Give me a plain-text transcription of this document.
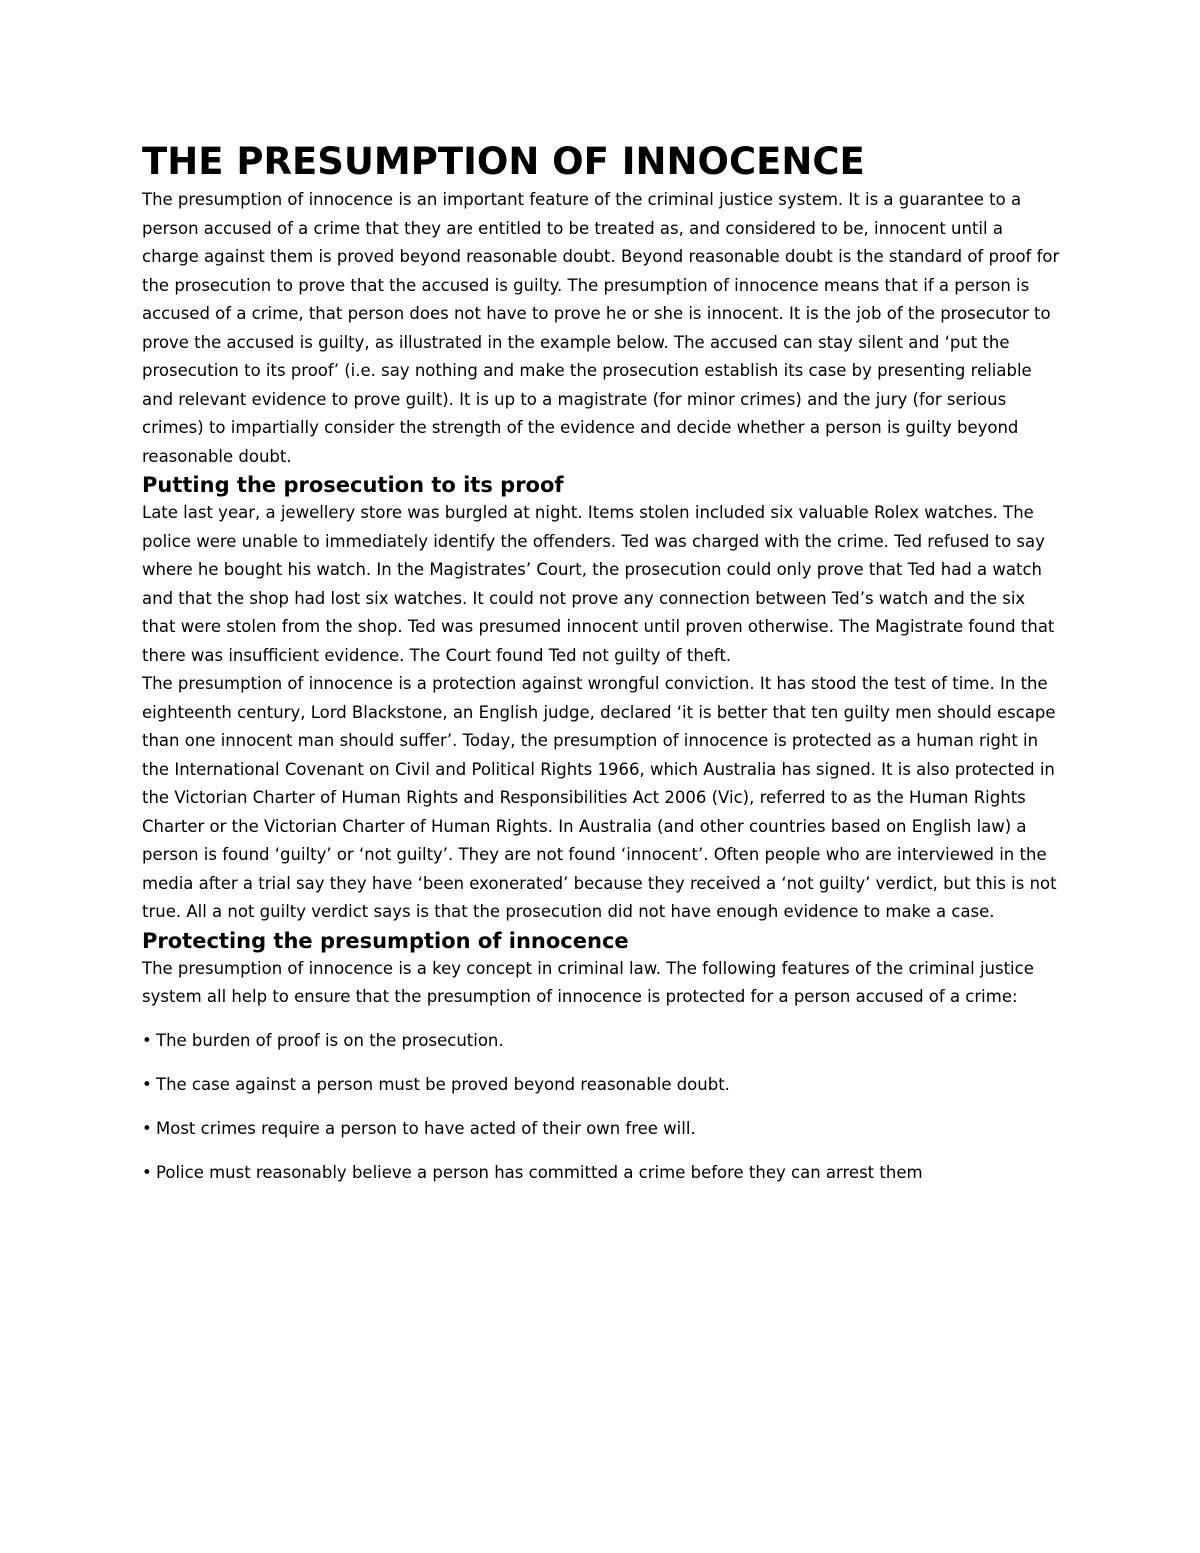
THE PRESUMPTION OF INNOCENCE

The presumption of innocence is an important feature of the criminal justice system. It is a guarantee to a person accused of a crime that they are entitled to be treated as, and considered to be, innocent until a charge against them is proved beyond reasonable doubt. Beyond reasonable doubt is the standard of proof for the prosecution to prove that the accused is guilty. The presumption of innocence means that if a person is accused of a crime, that person does not have to prove he or she is innocent. It is the job of the prosecutor to prove the accused is guilty, as illustrated in the example below. The accused can stay silent and ‘put the prosecution to its proof’ (i.e. say nothing and make the prosecution establish its case by presenting reliable and relevant evidence to prove guilt). It is up to a magistrate (for minor crimes) and the jury (for serious crimes) to impartially consider the strength of the evidence and decide whether a person is guilty beyond reasonable doubt.

Putting the prosecution to its proof

Late last year, a jewellery store was burgled at night. Items stolen included six valuable Rolex watches. The police were unable to immediately identify the offenders. Ted was charged with the crime. Ted refused to say where he bought his watch. In the Magistrates’ Court, the prosecution could only prove that Ted had a watch and that the shop had lost six watches. It could not prove any connection between Ted’s watch and the six that were stolen from the shop. Ted was presumed innocent until proven otherwise. The Magistrate found that there was insufficient evidence. The Court found Ted not guilty of theft.

The presumption of innocence is a protection against wrongful conviction. It has stood the test of time. In the eighteenth century, Lord Blackstone, an English judge, declared ‘it is better that ten guilty men should escape than one innocent man should suffer’. Today, the presumption of innocence is protected as a human right in the International Covenant on Civil and Political Rights 1966, which Australia has signed. It is also protected in the Victorian Charter of Human Rights and Responsibilities Act 2006 (Vic), referred to as the Human Rights Charter or the Victorian Charter of Human Rights. In Australia (and other countries based on English law) a person is found ‘guilty’ or ‘not guilty’. They are not found ‘innocent’. Often people who are interviewed in the media after a trial say they have ‘been exonerated’ because they received a ‘not guilty’ verdict, but this is not true. All a not guilty verdict says is that the prosecution did not have enough evidence to make a case.

Protecting the presumption of innocence

The presumption of innocence is a key concept in criminal law. The following features of the criminal justice system all help to ensure that the presumption of innocence is protected for a person accused of a crime:

• The burden of proof is on the prosecution.
• The case against a person must be proved beyond reasonable doubt.
• Most crimes require a person to have acted of their own free will.
• Police must reasonably believe a person has committed a crime before they can arrest them
